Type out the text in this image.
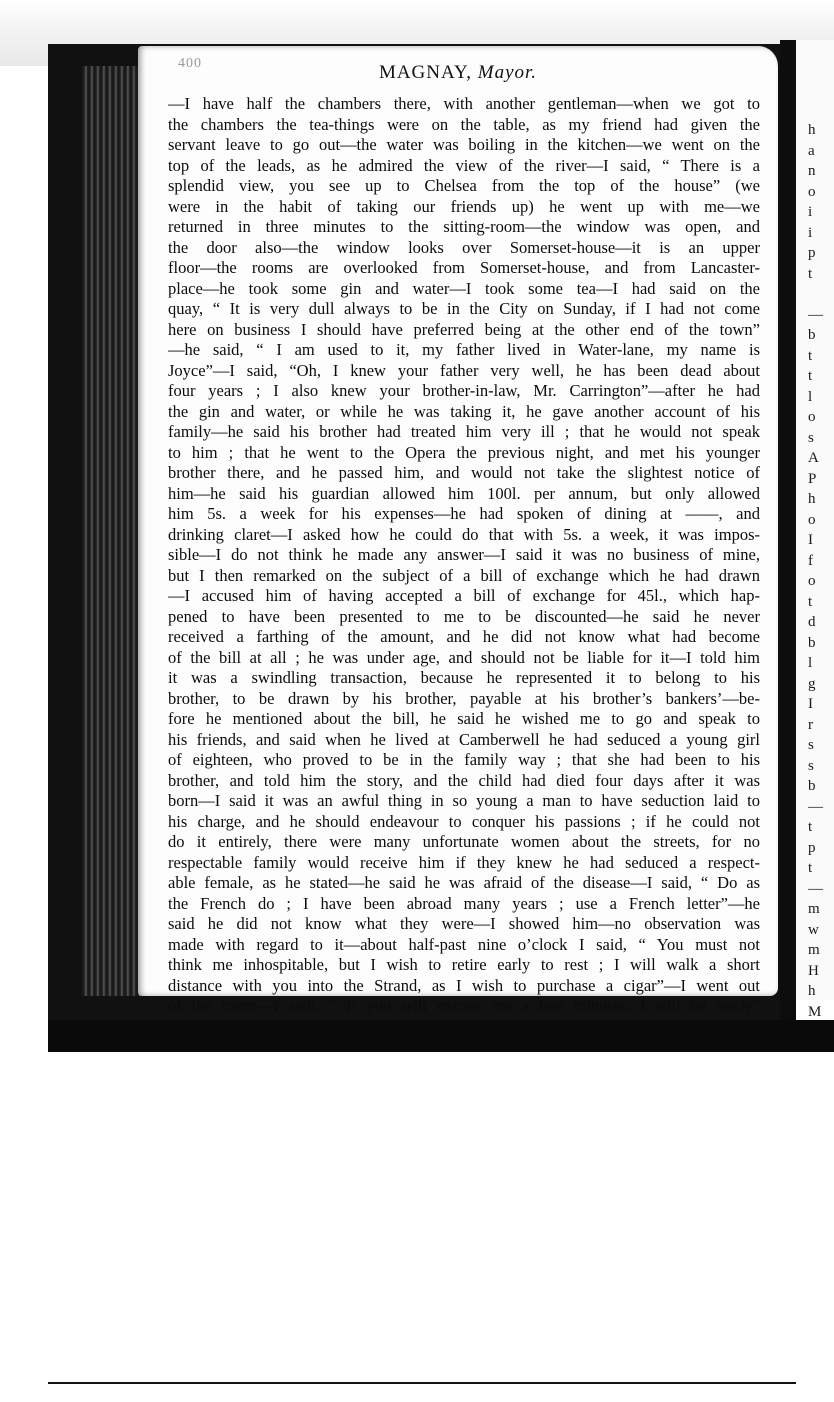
h
a
n
o
i
i
p
t
—
b
t
t
l
o
s
A
P
h
o
I
f
o
t
d
b
l
g
I
r
s
s
b
—
t
p
t
—
m
w
m
H
h
M
400	MAGNAY, Mayor.
—I have half the chambers there, with another gentleman—when we got to
the chambers the tea-things were on the table, as my friend had given the
servant leave to go out—the water was boiling in the kitchen—we went on the
top of the leads, as he admired the view of the river—I said, “ There is a
splendid view, you see up to Chelsea from the top of the house” (we
were in the habit of taking our friends up) he went up with me—we
returned in three minutes to the sitting-room—the window was open, and
the door also—the window looks over Somerset-house—it is an upper
floor—the rooms are overlooked from Somerset-house, and from Lancaster-
place—he took some gin and water—I took some tea—I had said on the
quay, “ It is very dull always to be in the City on Sunday, if I had not come
here on business I should have preferred being at the other end of the town”
—he said, “ I am used to it, my father lived in Water-lane, my name is
Joyce”—I said, “Oh, I knew your father very well, he has been dead about
four years ; I also knew your brother-in-law, Mr. Carrington”—after he had
the gin and water, or while he was taking it, he gave another account of his
family—he said his brother had treated him very ill ; that he would not speak
to him ; that he went to the Opera the previous night, and met his younger
brother there, and he passed him, and would not take the slightest notice of
him—he said his guardian allowed him 100l. per annum, but only allowed
him 5s. a week for his expenses—he had spoken of dining at ——, and
drinking claret—I asked how he could do that with 5s. a week, it was impos-
sible—I do not think he made any answer—I said it was no business of mine,
but I then remarked on the subject of a bill of exchange which he had drawn
—I accused him of having accepted a bill of exchange for 45l., which hap-
pened to have been presented to me to be discounted—he said he never
received a farthing of the amount, and he did not know what had become
of the bill at all ; he was under age, and should not be liable for it—I told him
it was a swindling transaction, because he represented it to belong to his
brother, to be drawn by his brother, payable at his brother’s bankers’—be-
fore he mentioned about the bill, he said he wished me to go and speak to
his friends, and said when he lived at Camberwell he had seduced a young girl
of eighteen, who proved to be in the family way ; that she had been to his
brother, and told him the story, and the child had died four days after it was
born—I said it was an awful thing in so young a man to have seduction laid to
his charge, and he should endeavour to conquer his passions ; if he could not
do it entirely, there were many unfortunate women about the streets, for no
respectable family would receive him if they knew he had seduced a respect-
able female, as he stated—he said he was afraid of the disease—I said, “ Do as
the French do ; I have been abroad many years ; use a French letter”—he
said he did not know what they were—I showed him—no observation was
made with regard to it—about half-past nine o’clock I said, “ You must not
think me inhospitable, but I wish to retire early to rest ; I will walk a short
distance with you into the Strand, as I wish to purchase a cigar”—I went out
of the room—I said, “ If you will excuse me a few minutes, I will be ready”
